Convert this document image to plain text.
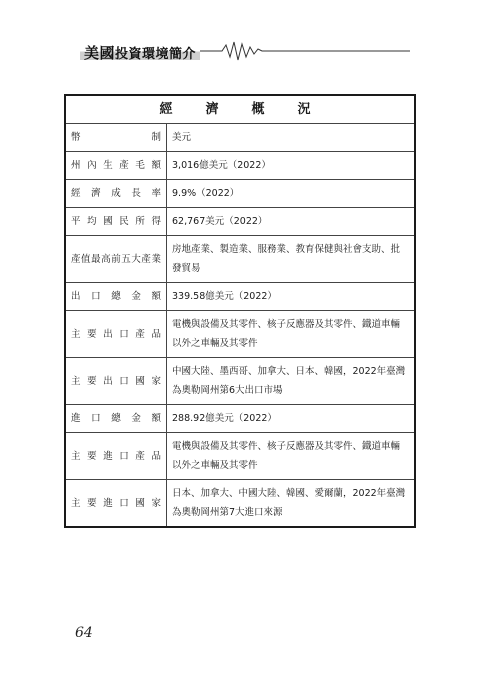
美國投資環境簡介
經　濟　概　況	
幣制	美元
州內生產毛額	3,016億美元（2022）
經濟成長率	9.9%（2022）
平均國民所得	62,767美元（2022）
產值最高前五大產業	房地產業、製造業、服務業、教育保健與社會支助、批發貿易
出口總金額	339.58億美元（2022）
主要出口產品	電機與設備及其零件、核子反應器及其零件、鐵道車輛以外之車輛及其零件
主要出口國家	中國大陸、墨西哥、加拿大、日本、韓國，2022年臺灣為奧勒岡州第6大出口市場
進口總金額	288.92億美元（2022）
主要進口產品	電機與設備及其零件、核子反應器及其零件、鐵道車輛以外之車輛及其零件
主要進口國家	日本、加拿大、中國大陸、韓國、愛爾蘭，2022年臺灣為奧勒岡州第7大進口來源
64
